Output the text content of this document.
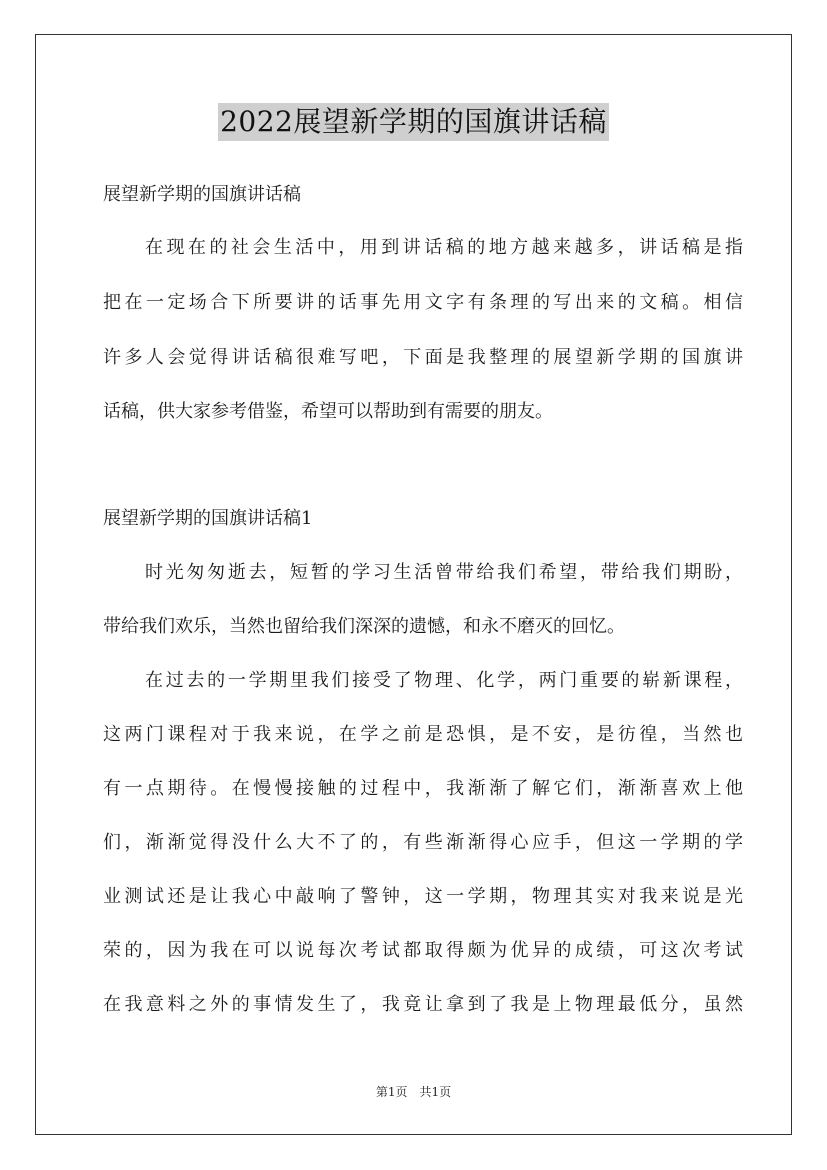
2022展望新学期的国旗讲话稿
展望新学期的国旗讲话稿
在现在的社会生活中，用到讲话稿的地方越来越多，讲话稿是指
把在一定场合下所要讲的话事先用文字有条理的写出来的文稿。相信
许多人会觉得讲话稿很难写吧，下面是我整理的展望新学期的国旗讲
话稿，供大家参考借鉴，希望可以帮助到有需要的朋友。
展望新学期的国旗讲话稿1
时光匆匆逝去，短暂的学习生活曾带给我们希望，带给我们期盼，
带给我们欢乐，当然也留给我们深深的遗憾，和永不磨灭的回忆。
在过去的一学期里我们接受了物理、化学，两门重要的崭新课程，
这两门课程对于我来说，在学之前是恐惧，是不安，是彷徨，当然也
有一点期待。在慢慢接触的过程中，我渐渐了解它们，渐渐喜欢上他
们，渐渐觉得没什么大不了的，有些渐渐得心应手，但这一学期的学
业测试还是让我心中敲响了警钟，这一学期，物理其实对我来说是光
荣的，因为我在可以说每次考试都取得颇为优异的成绩，可这次考试
在我意料之外的事情发生了，我竟让拿到了我是上物理最低分，虽然
第1页　共1页
